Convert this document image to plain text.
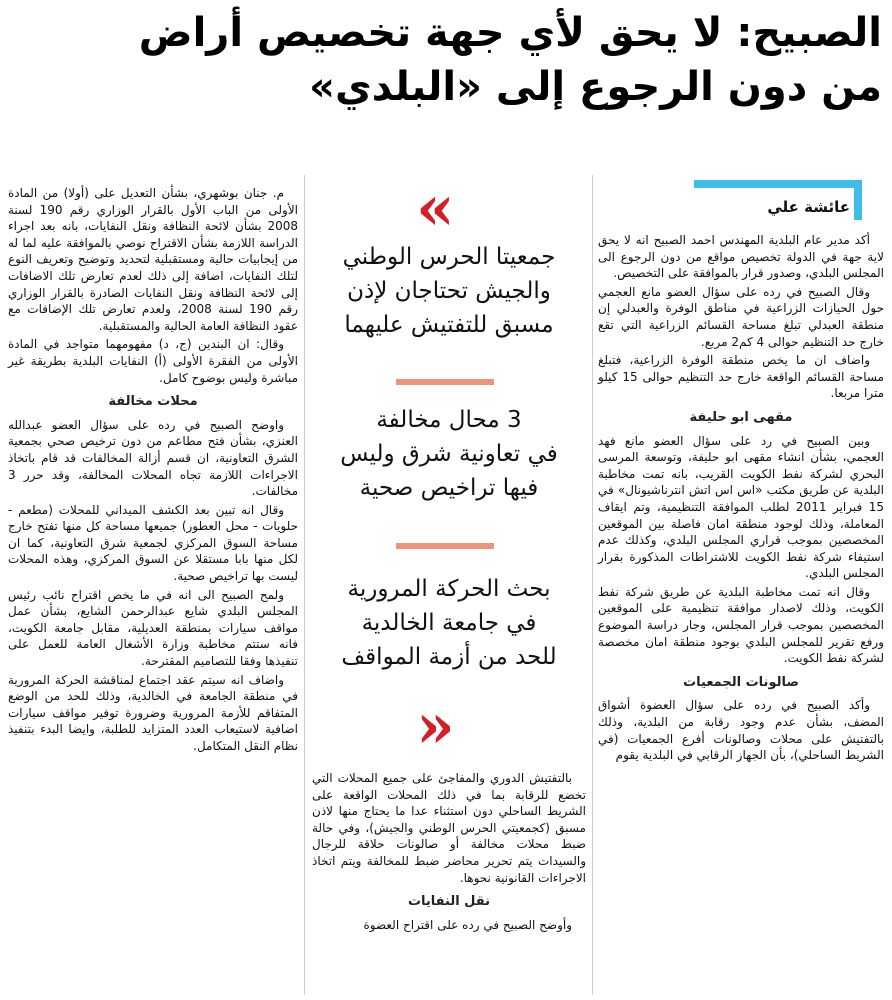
الصبيح: لا يحق لأي جهة تخصيص أراض
من دون الرجوع إلى «البلدي»
عائشة علي

أكد مدير عام البلدية المهندس احمد الصبيح انه لا يحق لاية جهة في الدولة تخصيص مواقع من دون الرجوع الى المجلس البلدي، وصدور قرار بالموافقة على التخصيص.

وقال الصبيح في رده على سؤال العضو مانع العجمي حول الحيازات الزراعية في مناطق الوفرة والعبدلي إن منطقة العبدلي تبلغ مساحة القسائم الزراعية التي تقع خارج حد التنظيم حوالى 4 كم2 مربع.

واضاف ان ما يخص منطقة الوفرة الزراعية، فتبلغ مساحة القسائم الواقعة خارج حد التنظيم حوالى 15 كيلو مترا مربعا.

مقهى ابو حليفة

وبين الصبيح في رد على سؤال العضو مانع فهد العجمي، بشأن انشاء مقهى ابو حليفة، وتوسعة المرسى البحري لشركة نفط الكويت القريب، بانه تمت مخاطبة البلدية عن طريق مكتب «اس اس اتش انترناشيونال» في 15 فبراير 2011 لطلب الموافقة التنظيمية، وتم ايقاف المعاملة، وذلك لوجود منطقة امان فاصلة بين الموقعين المخصصين بموجب قراري المجلس البلدي، وكذلك عدم استيفاء شركة نفط الكويت للاشتراطات المذكورة بقرار المجلس البلدي.

وقال انه تمت مخاطبة البلدية عن طريق شركة نفط الكويت، وذلك لاصدار موافقة تنظيمية على الموقعين المخصصين بموجب قرار المجلس، وجار دراسة الموضوع ورفع تقرير للمجلس البلدي بوجود منطقة امان مخصصة لشركة نفط الكويت.

صالونات الجمعيات

وأكد الصبيح في رده على سؤال العضوة أشواق المضف، بشأن عدم وجود رقابة من البلدية، وذلك بالتفتيش على محلات وصالونات أفرع الجمعيات (في الشريط الساحلي)، بأن الجهاز الرقابي في البلدية يقوم

»
جمعيتا الحرس الوطني
والجيش تحتاجان لإذن
مسبق للتفتيش عليهما
3 محال مخالفة
في تعاونية شرق وليس
فيها تراخيص صحية
بحث الحركة المرورية
في جامعة الخالدية
للحد من أزمة المواقف
«

بالتفتيش الدوري والمفاجئ على جميع المحلات التي تخضع للرقابة بما في ذلك المحلات الواقعة على الشريط الساحلي دون استثناء عدا ما يحتاج منها لاذن مسبق (كجمعيتي الحرس الوطني والجيش)، وفي حالة ضبط محلات مخالفة أو صالونات حلاقة للرجال والسيدات يتم تحرير محاضر ضبط للمخالفة ويتم اتخاذ الاجراءات القانونية نحوها.

نقل النفايات

وأوضح الصبيح في رده على اقتراح العضوة

م. جنان بوشهري، بشأن التعديل على (أولا) من المادة الأولى من الباب الأول بالقرار الوزاري رقم 190 لسنة 2008 بشأن لائحة النظافة ونقل النفايات، بانه بعد اجراء الدراسة اللازمة بشأن الاقتراح نوصي بالموافقة عليه لما له من إيجابيات حالية ومستقبلية لتحديد وتوضيح وتعريف النوع لتلك النفايات، اضافة إلى ذلك لعدم تعارض تلك الاضافات إلى لائحة النظافة ونقل النفايات الصادرة بالقرار الوزاري رقم 190 لسنة 2008، ولعدم تعارض تلك الإضافات مع عقود النظافة العامة الحالية والمستقبلية.

وقال: ان البندين (ج، د) مفهومهما متواجد في المادة الأولى من الفقرة الأولى (أ) النفايات البلدية بطريقة غير مباشرة وليس بوضوح كامل.

محلات مخالفة

واوضح الصبيح في رده على سؤال العضو عبدالله العنزي، بشأن فتح مطاعم من دون ترخيص صحي بجمعية الشرق التعاونية، ان قسم أزالة المخالفات قد قام باتخاذ الاجراءات اللازمة تجاه المحلات المخالفة، وقد حرر 3 مخالفات.

وقال انه تبين بعد الكشف الميداني للمحلات (مطعم - حلويات - محل العطور) جميعها مساحة كل منها تفتح خارج مساحة السوق المركزي لجمعية شرق التعاونية، كما ان لكل منها بابا مستقلا عن السوق المركزي، وهذه المحلات ليست بها تراخيص صحية.

ولمح الصبيح الى انه في ما يخص اقتراح نائب رئيس المجلس البلدي شايع عبدالرحمن الشايع، بشأن عمل مواقف سيارات بمنطقة العديلية، مقابل جامعة الكويت، فانه ستتم مخاطبة وزارة الأشغال العامة للعمل على تنفيذها وفقا للتصاميم المقترحة.

واضاف انه سيتم عقد اجتماع لمناقشة الحركة المرورية في منطقة الجامعة في الخالدية، وذلك للحد من الوضع المتفاقم للأزمة المرورية وضرورة توفير مواقف سيارات اضافية لاستيعاب العدد المتزايد للطلبة، وايضا البدء بتنفيذ نظام النقل المتكامل.
